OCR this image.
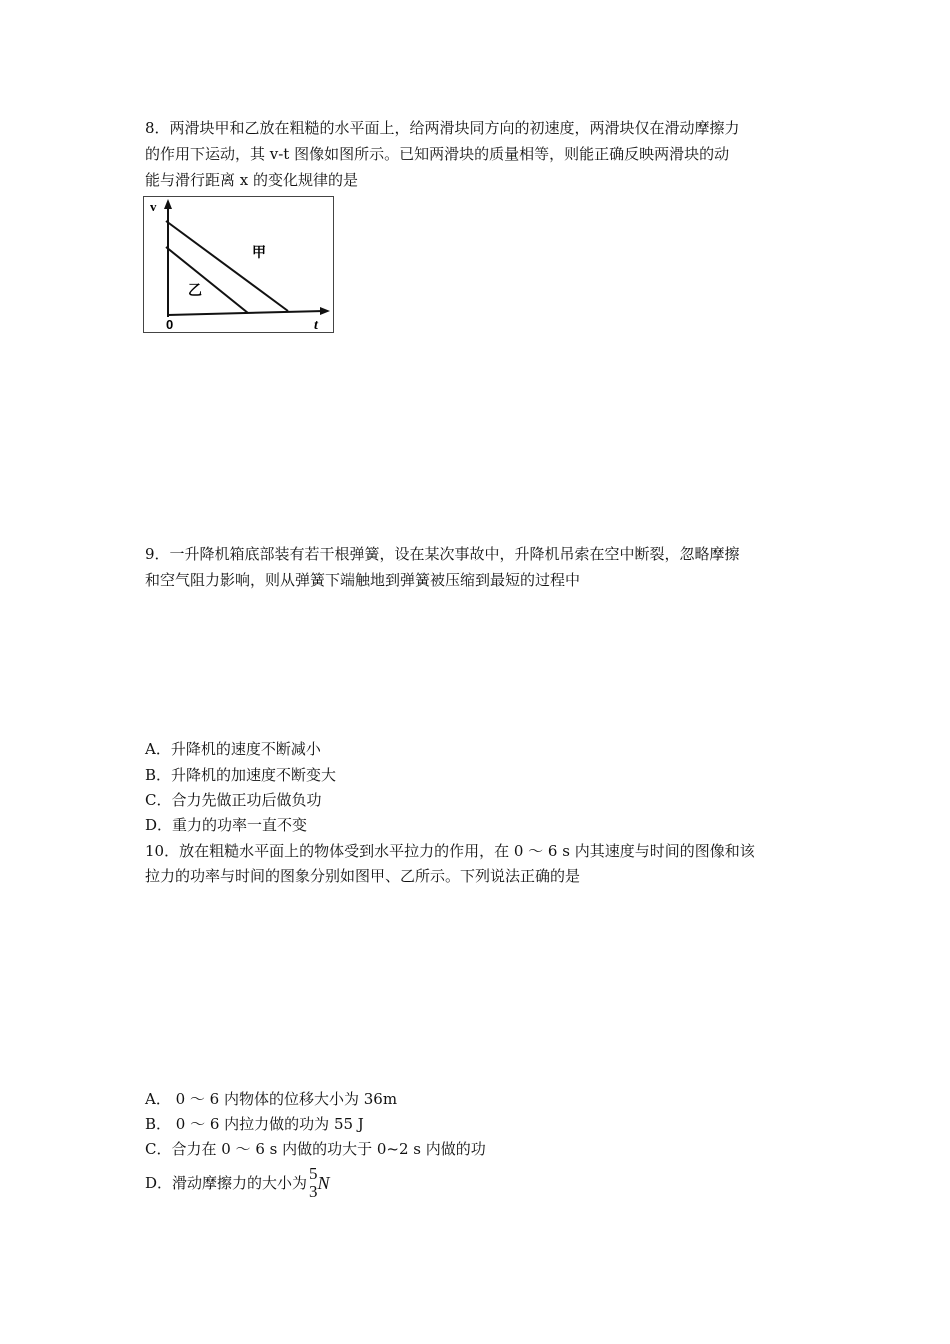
8．两滑块甲和乙放在粗糙的水平面上，给两滑块同方向的初速度，两滑块仅在滑动摩擦力
的作用下运动，其 v-t 图像如图所示。已知两滑块的质量相等，则能正确反映两滑块的动
能与滑行距离 x 的变化规律的是
v
t
0
甲
乙
9．一升降机箱底部装有若干根弹簧，设在某次事故中，升降机吊索在空中断裂，忽略摩擦
和空气阻力影响，则从弹簧下端触地到弹簧被压缩到最短的过程中
A．升降机的速度不断减小
B．升降机的加速度不断变大
C．合力先做正功后做负功
D．重力的功率一直不变
10．放在粗糙水平面上的物体受到水平拉力的作用，在 0 ～ 6 s 内其速度与时间的图像和该
拉力的功率与时间的图象分别如图甲、乙所示。下列说法正确的是
A． 0 ～ 6 内物体的位移大小为 36m
B． 0 ～ 6 内拉力做的功为 55 J
C．合力在 0 ～ 6 s 内做的功大于 0~2 s 内做的功
D．滑动摩擦力的大小为 5
3 N
